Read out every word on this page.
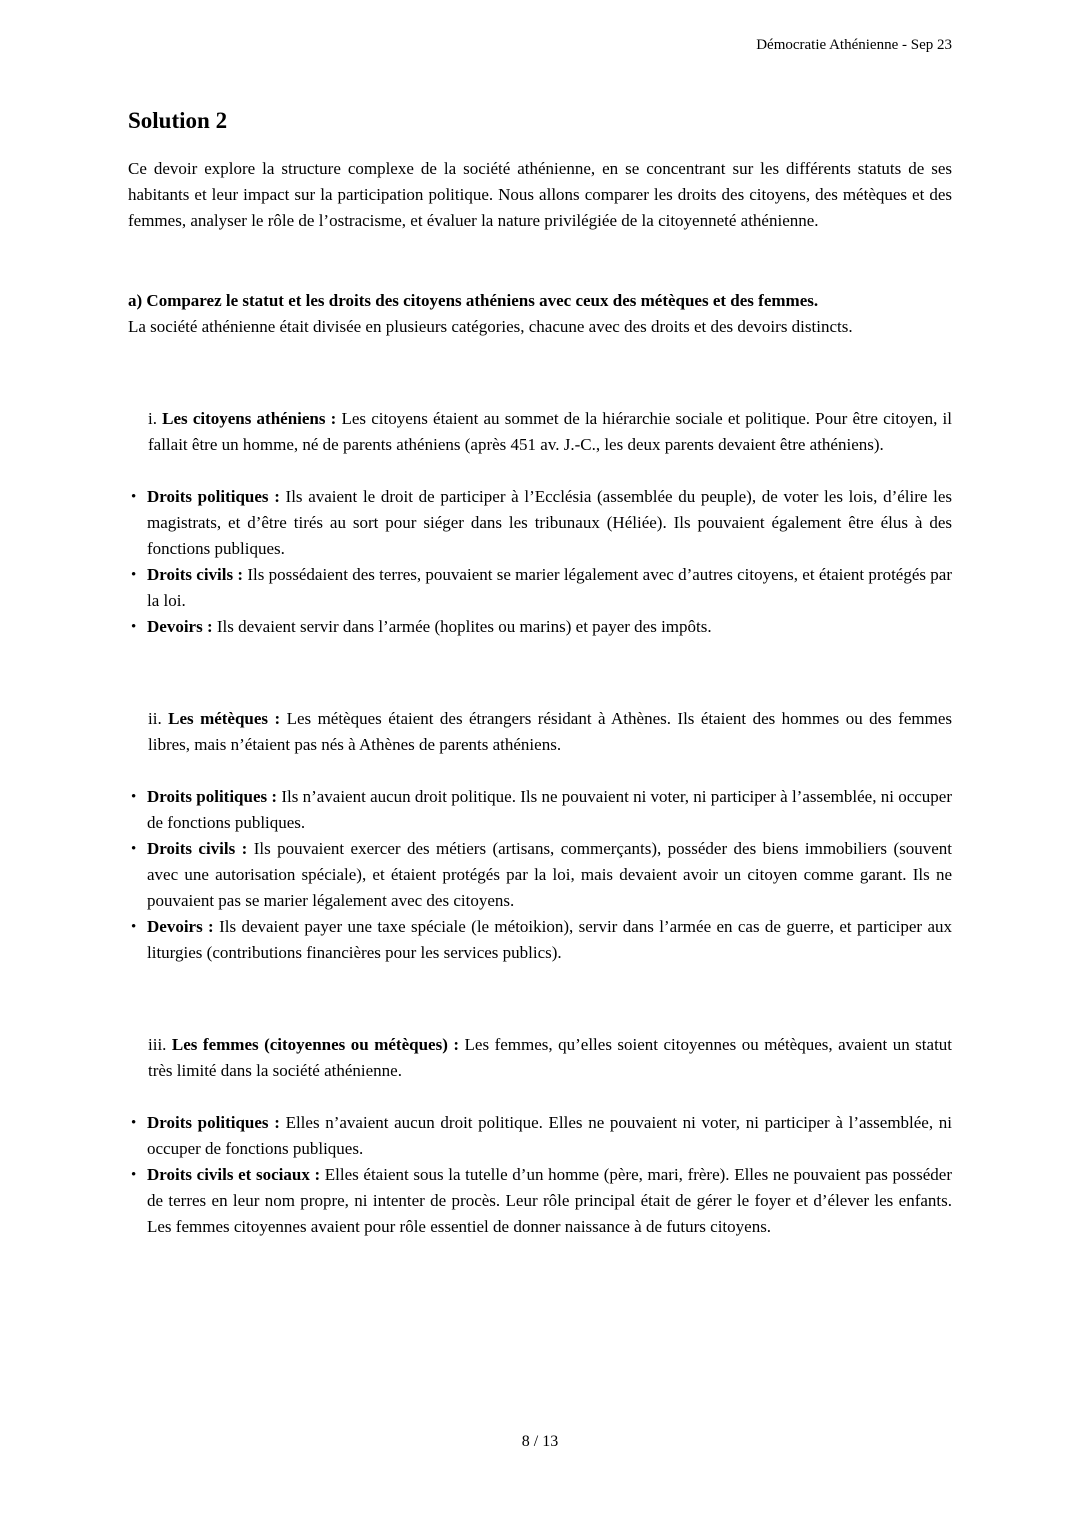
Démocratie Athénienne - Sep 23
Solution 2

Ce devoir explore la structure complexe de la société athénienne, en se concentrant sur les différents statuts de ses habitants et leur impact sur la participation politique. Nous allons comparer les droits des citoyens, des métèques et des femmes, analyser le rôle de l’ostracisme, et évaluer la nature privilégiée de la citoyenneté athénienne.

a) Comparez le statut et les droits des citoyens athéniens avec ceux des métèques et des femmes.

La société athénienne était divisée en plusieurs catégories, chacune avec des droits et des devoirs distincts.

i. Les citoyens athéniens : Les citoyens étaient au sommet de la hiérarchie sociale et politique. Pour être citoyen, il fallait être un homme, né de parents athéniens (après 451 av. J.-C., les deux parents devaient être athéniens).

• Droits politiques : Ils avaient le droit de participer à l’Ecclésia (assemblée du peuple), de voter les lois, d’élire les magistrats, et d’être tirés au sort pour siéger dans les tribunaux (Héliée). Ils pouvaient également être élus à des fonctions publiques.
• Droits civils : Ils possédaient des terres, pouvaient se marier légalement avec d’autres citoyens, et étaient protégés par la loi.
• Devoirs : Ils devaient servir dans l’armée (hoplites ou marins) et payer des impôts.

ii. Les métèques : Les métèques étaient des étrangers résidant à Athènes. Ils étaient des hommes ou des femmes libres, mais n’étaient pas nés à Athènes de parents athéniens.

• Droits politiques : Ils n’avaient aucun droit politique. Ils ne pouvaient ni voter, ni participer à l’assemblée, ni occuper de fonctions publiques.
• Droits civils : Ils pouvaient exercer des métiers (artisans, commerçants), posséder des biens immobiliers (souvent avec une autorisation spéciale), et étaient protégés par la loi, mais devaient avoir un citoyen comme garant. Ils ne pouvaient pas se marier légalement avec des citoyens.
• Devoirs : Ils devaient payer une taxe spéciale (le métoikion), servir dans l’armée en cas de guerre, et participer aux liturgies (contributions financières pour les services publics).

iii. Les femmes (citoyennes ou métèques) : Les femmes, qu’elles soient citoyennes ou métèques, avaient un statut très limité dans la société athénienne.

• Droits politiques : Elles n’avaient aucun droit politique. Elles ne pouvaient ni voter, ni participer à l’assemblée, ni occuper de fonctions publiques.
• Droits civils et sociaux : Elles étaient sous la tutelle d’un homme (père, mari, frère). Elles ne pouvaient pas posséder de terres en leur nom propre, ni intenter de procès. Leur rôle principal était de gérer le foyer et d’élever les enfants. Les femmes citoyennes avaient pour rôle essentiel de donner naissance à de futurs citoyens.
8 / 13
